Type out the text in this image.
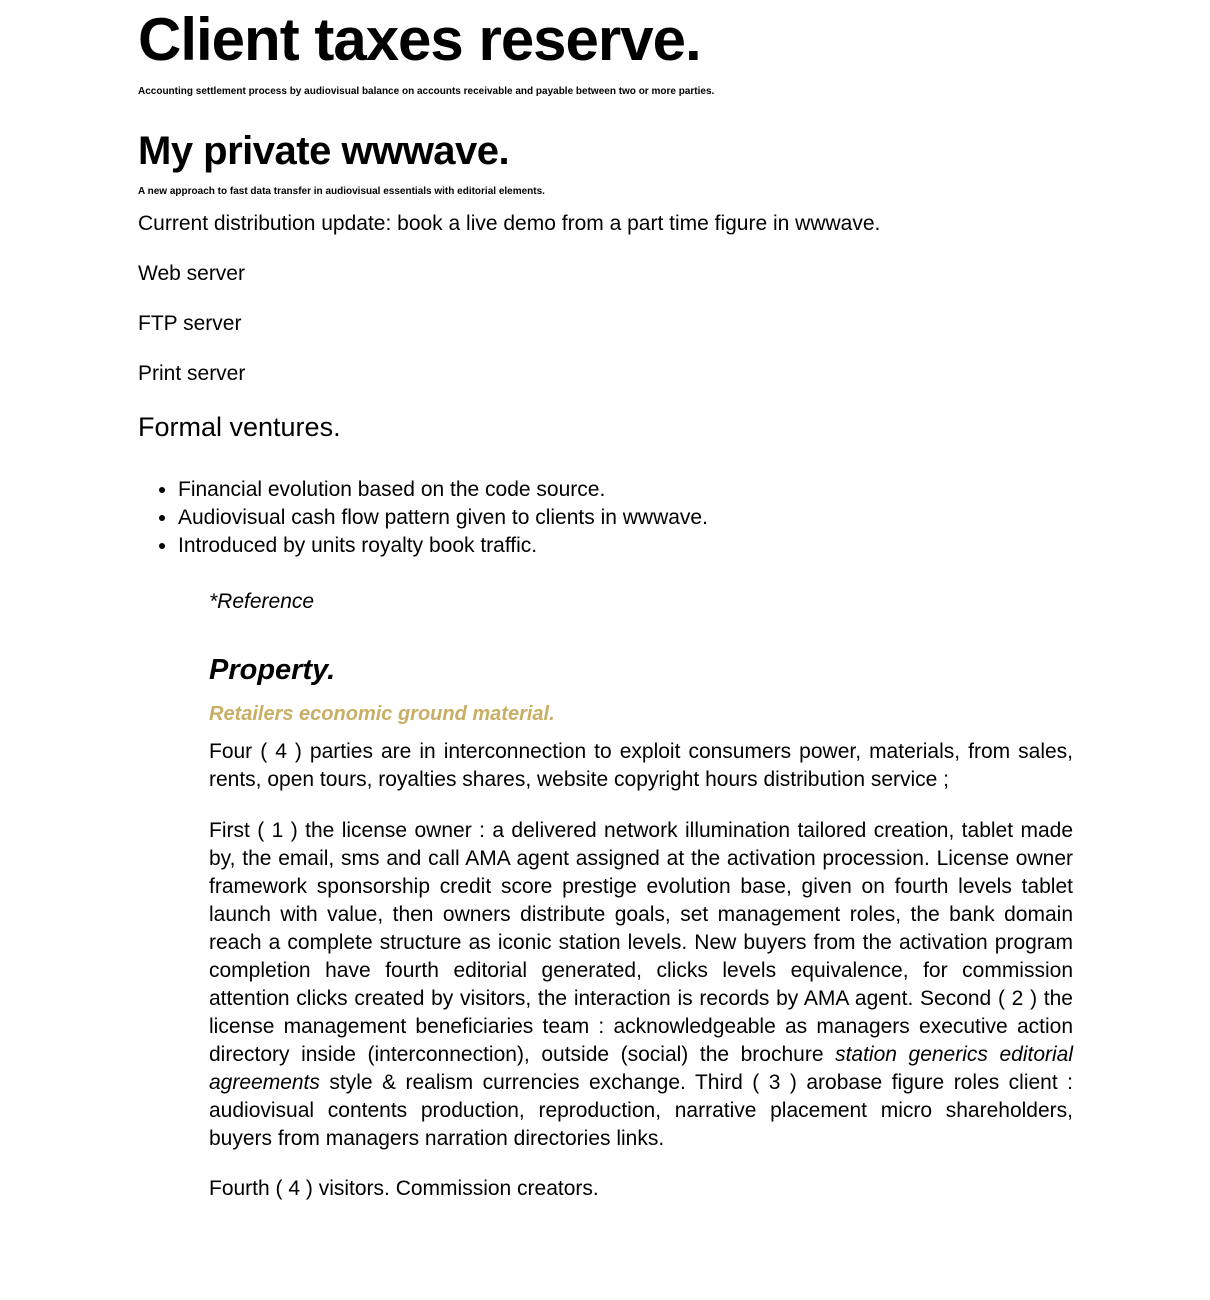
Client taxes reserve.

Accounting settlement process by audiovisual balance on accounts receivable and payable between two or more parties.

My private wwwave.

A new approach to fast data transfer in audiovisual essentials with editorial elements.

Current distribution update: book a live demo from a part time figure in wwwave.

Web server

FTP server

Print server

Formal ventures.

• Financial evolution based on the code source.
• Audiovisual cash flow pattern given to clients in wwwave.
• Introduced by units royalty book traffic.

*Reference

Property.

Retailers economic ground material.

Four ( 4 ) parties are in interconnection to exploit consumers power, materials, from sales, rents, open tours, royalties shares, website copyright hours distribution service ;

First ( 1 ) the license owner : a delivered network illumination tailored creation, tablet made by, the email, sms and call AMA agent assigned at the activation procession. License owner framework sponsorship credit score prestige evolution base, given on fourth levels tablet launch with value, then owners distribute goals, set management roles, the bank domain reach a complete structure as iconic station levels. New buyers from the activation program completion have fourth editorial generated, clicks levels equivalence, for commission attention clicks created by visitors, the interaction is records by AMA agent. Second ( 2 ) the license management beneficiaries team : acknowledgeable as managers executive action directory inside (interconnection), outside (social) the brochure station generics editorial agreements style & realism currencies exchange. Third ( 3 ) arobase figure roles client : audiovisual contents production, reproduction, narrative placement micro shareholders, buyers from managers narration directories links.

Fourth ( 4 ) visitors. Commission creators.
